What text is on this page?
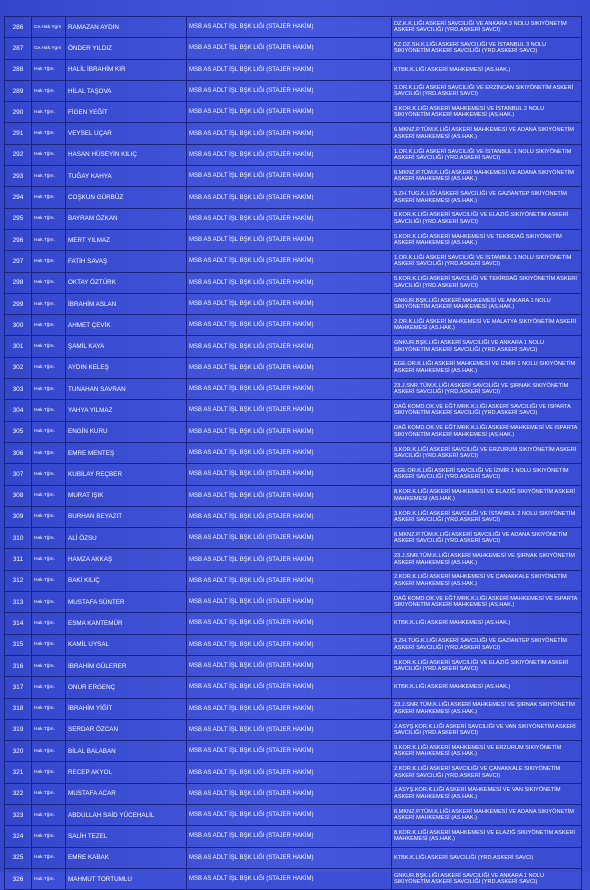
286	Ce.Hak.Ygm	RAMAZAN AYDIN	MSB AS ADLT İŞL BŞK LIĞI (STAJER HAKİM)	DZ.K.K.LIĞI ASKERİ SAVCILIĞI VE ANKARA 3 NOLU SIKIYÖNETİM ASKERİ SAVCILIĞI (YRD.ASKERİ SAVCI)
287	Ce.Hak.Ygm	ÖNDER YILDIZ	MSB AS ADLT İŞL BŞK LIĞI (STAJER HAKİM)	KZ.DZ.SH.K.LIĞI ASKERİ SAVCILIĞI VE İSTANBUL 3 NOLU SIKIYÖNETİM ASKERİ SAVCILIĞI (YRD.ASKERİ SAVCI)
288	Hak.Tğm.	HALİL İBRAHİM KIR	MSB AS ADLT İŞL BŞK LIĞI (STAJER HAKİM)	KTBK.K.LIĞI ASKERİ MAHKEMESİ (AS.HAK.)
289	Hak.Tğm.	HİLAL TAŞOVA	MSB AS ADLT İŞL BŞK LIĞI (STAJER HAKİM)	3.OR.K.LIĞI ASKERİ SAVCILIĞI VE ERZİNCAN SIKIYÖNETİM ASKERİ SAVCILIĞI (YRD.ASKERİ SAVCI)
290	Hak.Tğm.	FİGEN YEĞİT	MSB AS ADLT İŞL BŞK LIĞI (STAJER HAKİM)	3.KOR.K.LIĞI ASKERİ MAHKEMESİ VE İSTANBUL 2 NOLU SIKIYÖNETİM ASKERİ MAHKEMESİ (AS.HAK.)
291	Hak.Tğm.	VEYSEL UÇAR	MSB AS ADLT İŞL BŞK LIĞI (STAJER HAKİM)	6.MKNZ.P.TÜM.K.LIĞI ASKERİ MAHKEMESİ VE ADANA SIKIYÖNETİM ASKERİ MAHKEMESİ (AS.HAK.)
292	Hak.Tğm.	HASAN HÜSEYİN KILIÇ	MSB AS ADLT İŞL BŞK LIĞI (STAJER HAKİM)	1.OR.K.LIĞI ASKERİ SAVCILIĞI VE İSTANBUL 1 NOLU SIKIYÖNETİM ASKERİ SAVCILIĞI (YRD.ASKERİ SAVCI)
293	Hak.Tğm.	TUĞAY KAHYA	MSB AS ADLT İŞL BŞK LIĞI (STAJER HAKİM)	6.MKNZ.P.TÜM.K.LIĞI ASKERİ MAHKEMESİ VE ADANA SIKIYÖNETİM ASKERİ MAHKEMESİ (AS.HAK.)
294	Hak.Tğm.	COŞKUN GÜRBÜZ	MSB AS ADLT İŞL BŞK LIĞI (STAJER HAKİM)	5.ZH.TUG.K.LIĞI ASKERİ SAVCILIĞI VE GAZİANTEP SIKIYÖNETİM ASKERİ MAHKEMESİ (AS.HAK.)
295	Hak.Tğm.	BAYRAM ÖZKAN	MSB AS ADLT İŞL BŞK LIĞI (STAJER HAKİM)	8.KOR.K.LIĞI ASKERİ SAVCILIĞI VE ELAZIĞ SIKIYÖNETİM ASKERİ SAVCILIĞI (YRD.ASKERİ SAVCI)
296	Hak.Tğm.	MERT YILMAZ	MSB AS ADLT İŞL BŞK LIĞI (STAJER HAKİM)	5.KOR.K.LIĞI ASKERİ MAHKEMESİ VE TEKİRDAĞ SIKIYÖNETİM ASKERİ MAHKEMESİ (AS.HAK.)
297	Hak.Tğm.	FATİH SAVAŞ	MSB AS ADLT İŞL BŞK LIĞI (STAJER HAKİM)	1.OR.K.LIĞI ASKERİ SAVCILIĞI VE İSTANBUL 1 NOLU SIKIYÖNETİM ASKERİ SAVCILIĞI (YRD.ASKERİ SAVCI)
298	Hak.Tğm.	OKTAY ÖZTÜRK	MSB AS ADLT İŞL BŞK LIĞI (STAJER HAKİM)	5.KOR.K.LIĞI ASKERİ SAVCILIĞI VE TEKİRDAĞ SIKIYÖNETİM ASKERİ SAVCILIĞI (YRD.ASKERİ SAVCI)
299	Hak.Tğm.	İBRAHİM ASLAN	MSB AS ADLT İŞL BŞK LIĞI (STAJER HAKİM)	GNKUR.BŞK.LIĞI ASKERİ MAHKEMESİ VE ANKARA 1 NOLU SIKIYÖNETİM ASKERİ MAHKEMESİ (AS.HAK.)
300	Hak.Tğm.	AHMET ÇEVİK	MSB AS ADLT İŞL BŞK LIĞI (STAJER HAKİM)	2.OR.K.LIĞI ASKERİ MAHKEMESİ VE MALATYA SIKIYÖNETİM ASKERİ MAHKEMESİ (AS.HAK.)
301	Hak.Tğm.	ŞAMİL KAYA	MSB AS ADLT İŞL BŞK LIĞI (STAJER HAKİM)	GNKUR.BŞK.LIĞI ASKERİ SAVCILIĞI VE ANKARA 1 NOLU SIKIYÖNETİM ASKERİ SAVCILIĞI (YRD.ASKERİ SAVCI)
302	Hak.Tğm.	AYDIN KELEŞ	MSB AS ADLT İŞL BŞK LIĞI (STAJER HAKİM)	EGE.OR.K.LIĞI ASKERİ MAHKEMESİ VE İZMİR 1 NOLU SIKIYÖNETİM ASKERİ MAHKEMESİ (AS.HAK.)
303	Hak.Tğm.	TUNAHAN SAVRAN	MSB AS ADLT İŞL BŞK LIĞI (STAJER HAKİM)	23.J.SNR.TÜM.K.LIĞI ASKERİ SAVCILIĞI VE ŞIRNAK SIKIYÖNETİM ASKERİ SAVCILIĞI (YRD.ASKERİ SAVCI)
304	Hak.Tğm.	YAHYA YILMAZ	MSB AS ADLT İŞL BŞK LIĞI (STAJER HAKİM)	DAĞ KOMD.OK.VE EĞT.MRK.K.LIĞI ASKERİ SAVCILIĞI VE ISPARTA SIKIYÖNETİM ASKERİ SAVCILIĞI (YRD.ASKERİ SAVCI)
305	Hak.Tğm.	ENGİN KURU	MSB AS ADLT İŞL BŞK LIĞI (STAJER HAKİM)	DAĞ KOMD.OK.VE EĞT.MRK.K.LIĞI ASKERİ MAHKEMESİ VE ISPARTA SIKIYÖNETİM ASKERİ MAHKEMESİ (AS.HAK.)
306	Hak.Tğm.	EMRE MENTEŞ	MSB AS ADLT İŞL BŞK LIĞI (STAJER HAKİM)	9.KOR.K.LIĞI ASKERİ SAVCILIĞI VE ERZURUM SIKIYÖNETİM ASKERİ SAVCILIĞI (YRD.ASKERİ SAVCI)
307	Hak.Tğm.	KUBİLAY REÇBER	MSB AS ADLT İŞL BŞK LIĞI (STAJER HAKİM)	EGE.OR.K.LIĞI ASKERİ SAVCILIĞI VE İZMİR 1 NOLU SIKIYÖNETİM ASKERİ SAVCILIĞI (YRD.ASKERİ SAVCI)
308	Hak.Tğm.	MURAT IŞIK	MSB AS ADLT İŞL BŞK LIĞI (STAJER HAKİM)	8.KOR.K.LIĞI ASKERİ MAHKEMESİ VE ELAZIĞ SIKIYÖNETİM ASKERİ MAHKEMESİ (AS.HAK.)
309	Hak.Tğm.	BURHAN BEYAZIT	MSB AS ADLT İŞL BŞK LIĞI (STAJER HAKİM)	3.KOR.K.LIĞI ASKERİ SAVCILIĞI VE İSTANBUL 2 NOLU SIKIYÖNETİM ASKERİ SAVCILIĞI (YRD.ASKERİ SAVCI)
310	Hak.Tğm.	ALİ ÖZSU	MSB AS ADLT İŞL BŞK LIĞI (STAJER HAKİM)	6.MKNZ.P.TÜM.K.LIĞI ASKERİ SAVCILIĞI VE ADANA SIKIYÖNETİM ASKERİ SAVCILIĞI (YRD.ASKERİ SAVCI)
311	Hak.Tğm.	HAMZA AKKAŞ	MSB AS ADLT İŞL BŞK LIĞI (STAJER HAKİM)	23.J.SNR.TÜM.K.LIĞI ASKERİ MAHKEMESİ VE ŞIRNAK SIKIYÖNETİM ASKERİ MAHKEMESİ (AS.HAK.)
312	Hak.Tğm.	BAKİ KILIÇ	MSB AS ADLT İŞL BŞK LIĞI (STAJER HAKİM)	2.KOR.K.LIĞI ASKERİ MAHKEMESİ VE ÇANAKKALE SIKIYÖNETİM ASKERİ MAHKEMESİ (AS.HAK.)
313	Hak.Tğm.	MUSTAFA SÜNTER	MSB AS ADLT İŞL BŞK LIĞI (STAJER HAKİM)	DAĞ KOMD.OK.VE EĞT.MRK.K.LIĞI ASKERİ MAHKEMESİ VE ISPARTA SIKIYÖNETİM ASKERİ MAHKEMESİ (AS.HAK.)
314	Hak.Tğm.	ESMA KANTEMÜR	MSB AS ADLT İŞL BŞK LIĞI (STAJER HAKİM)	KTBK.K.LIĞI ASKERİ MAHKEMESİ (AS.HAK.)
315	Hak.Tğm.	KAMİL UYSAL	MSB AS ADLT İŞL BŞK LIĞI (STAJER HAKİM)	5.ZH.TUG.K.LIĞI ASKERİ SAVCILIĞI VE GAZİANTEP SIKIYÖNETİM ASKERİ SAVCILIĞI (YRD.ASKERİ SAVCI)
316	Hak.Tğm.	İBRAHİM GÜLERER	MSB AS ADLT İŞL BŞK LIĞI (STAJER HAKİM)	8.KOR.K.LIĞI ASKERİ SAVCILIĞI VE ELAZIĞ SIKIYÖNETİM ASKERİ SAVCILIĞI (YRD.ASKERİ SAVCI)
317	Hak.Tğm.	ONUR ERGENÇ	MSB AS ADLT İŞL BŞK LIĞI (STAJER HAKİM)	KTBK.K.LIĞI ASKERİ MAHKEMESİ (AS.HAK.)
318	Hak.Tğm.	İBRAHİM YİĞİT	MSB AS ADLT İŞL BŞK LIĞI (STAJER HAKİM)	23.J.SNR.TÜM.K.LIĞI ASKERİ MAHKEMESİ VE ŞIRNAK SIKIYÖNETİM ASKERİ MAHKEMESİ (AS.HAK.)
319	Hak.Tğm.	SERDAR ÖZCAN	MSB AS ADLT İŞL BŞK LIĞI (STAJER HAKİM)	J.ASYŞ.KOR.K.LIĞI ASKERİ SAVCILIĞI VE VAN SIKIYÖNETİM ASKERİ SAVCILIĞI (YRD.ASKERİ SAVCI)
320	Hak.Tğm.	BİLAL BALABAN	MSB AS ADLT İŞL BŞK LIĞI (STAJER HAKİM)	9.KOR.K.LIĞI ASKERİ MAHKEMESİ VE ERZURUM SIKIYÖNETİM ASKERİ MAHKEMESİ (AS.HAK.)
321	Hak.Tğm.	RECEP AKYOL	MSB AS ADLT İŞL BŞK LIĞI (STAJER HAKİM)	2.KOR.K.LIĞI ASKERİ SAVCILIĞI VE ÇANAKKALE SIKIYÖNETİM ASKERİ SAVCILIĞI (YRD.ASKERİ SAVCI)
322	Hak.Tğm.	MUSTAFA ACAR	MSB AS ADLT İŞL BŞK LIĞI (STAJER HAKİM)	J.ASYŞ.KOR.K.LIĞI ASKERİ MAHKEMESİ VE VAN SIKIYÖNETİM ASKERİ MAHKEMESİ (AS.HAK.)
323	Hak.Tğm.	ABDULLAH SAİD YÜCEHALİL	MSB AS ADLT İŞL BŞK LIĞI (STAJER HAKİM)	6.MKNZ.P.TÜM.K.LIĞI ASKERİ MAHKEMESİ VE ADANA SIKIYÖNETİM ASKERİ MAHKEMESİ (AS.HAK.)
324	Hak.Tğm.	SALİH TEZEL	MSB AS ADLT İŞL BŞK LIĞI (STAJER HAKİM)	8.KOR.K.LIĞI ASKERİ MAHKEMESİ VE ELAZIĞ SIKIYÖNETİM ASKERİ MAHKEMESİ (AS.HAK.)
325	Hak.Tğm.	EMRE KABAK	MSB AS ADLT İŞL BŞK LIĞI (STAJER HAKİM)	KTBK.K.LIĞI ASKERİ SAVCILIĞI (YRD.ASKERİ SAVCI)
326	Hak.Tğm.	MAHMUT TORTUMLU	MSB AS ADLT İŞL BŞK LIĞI (STAJER HAKİM)	GNKUR.BŞK.LIĞI ASKERİ SAVCILIĞI VE ANKARA 1 NOLU SIKIYÖNETİM ASKERİ SAVCILIĞI (YRD.ASKERİ SAVCI)
